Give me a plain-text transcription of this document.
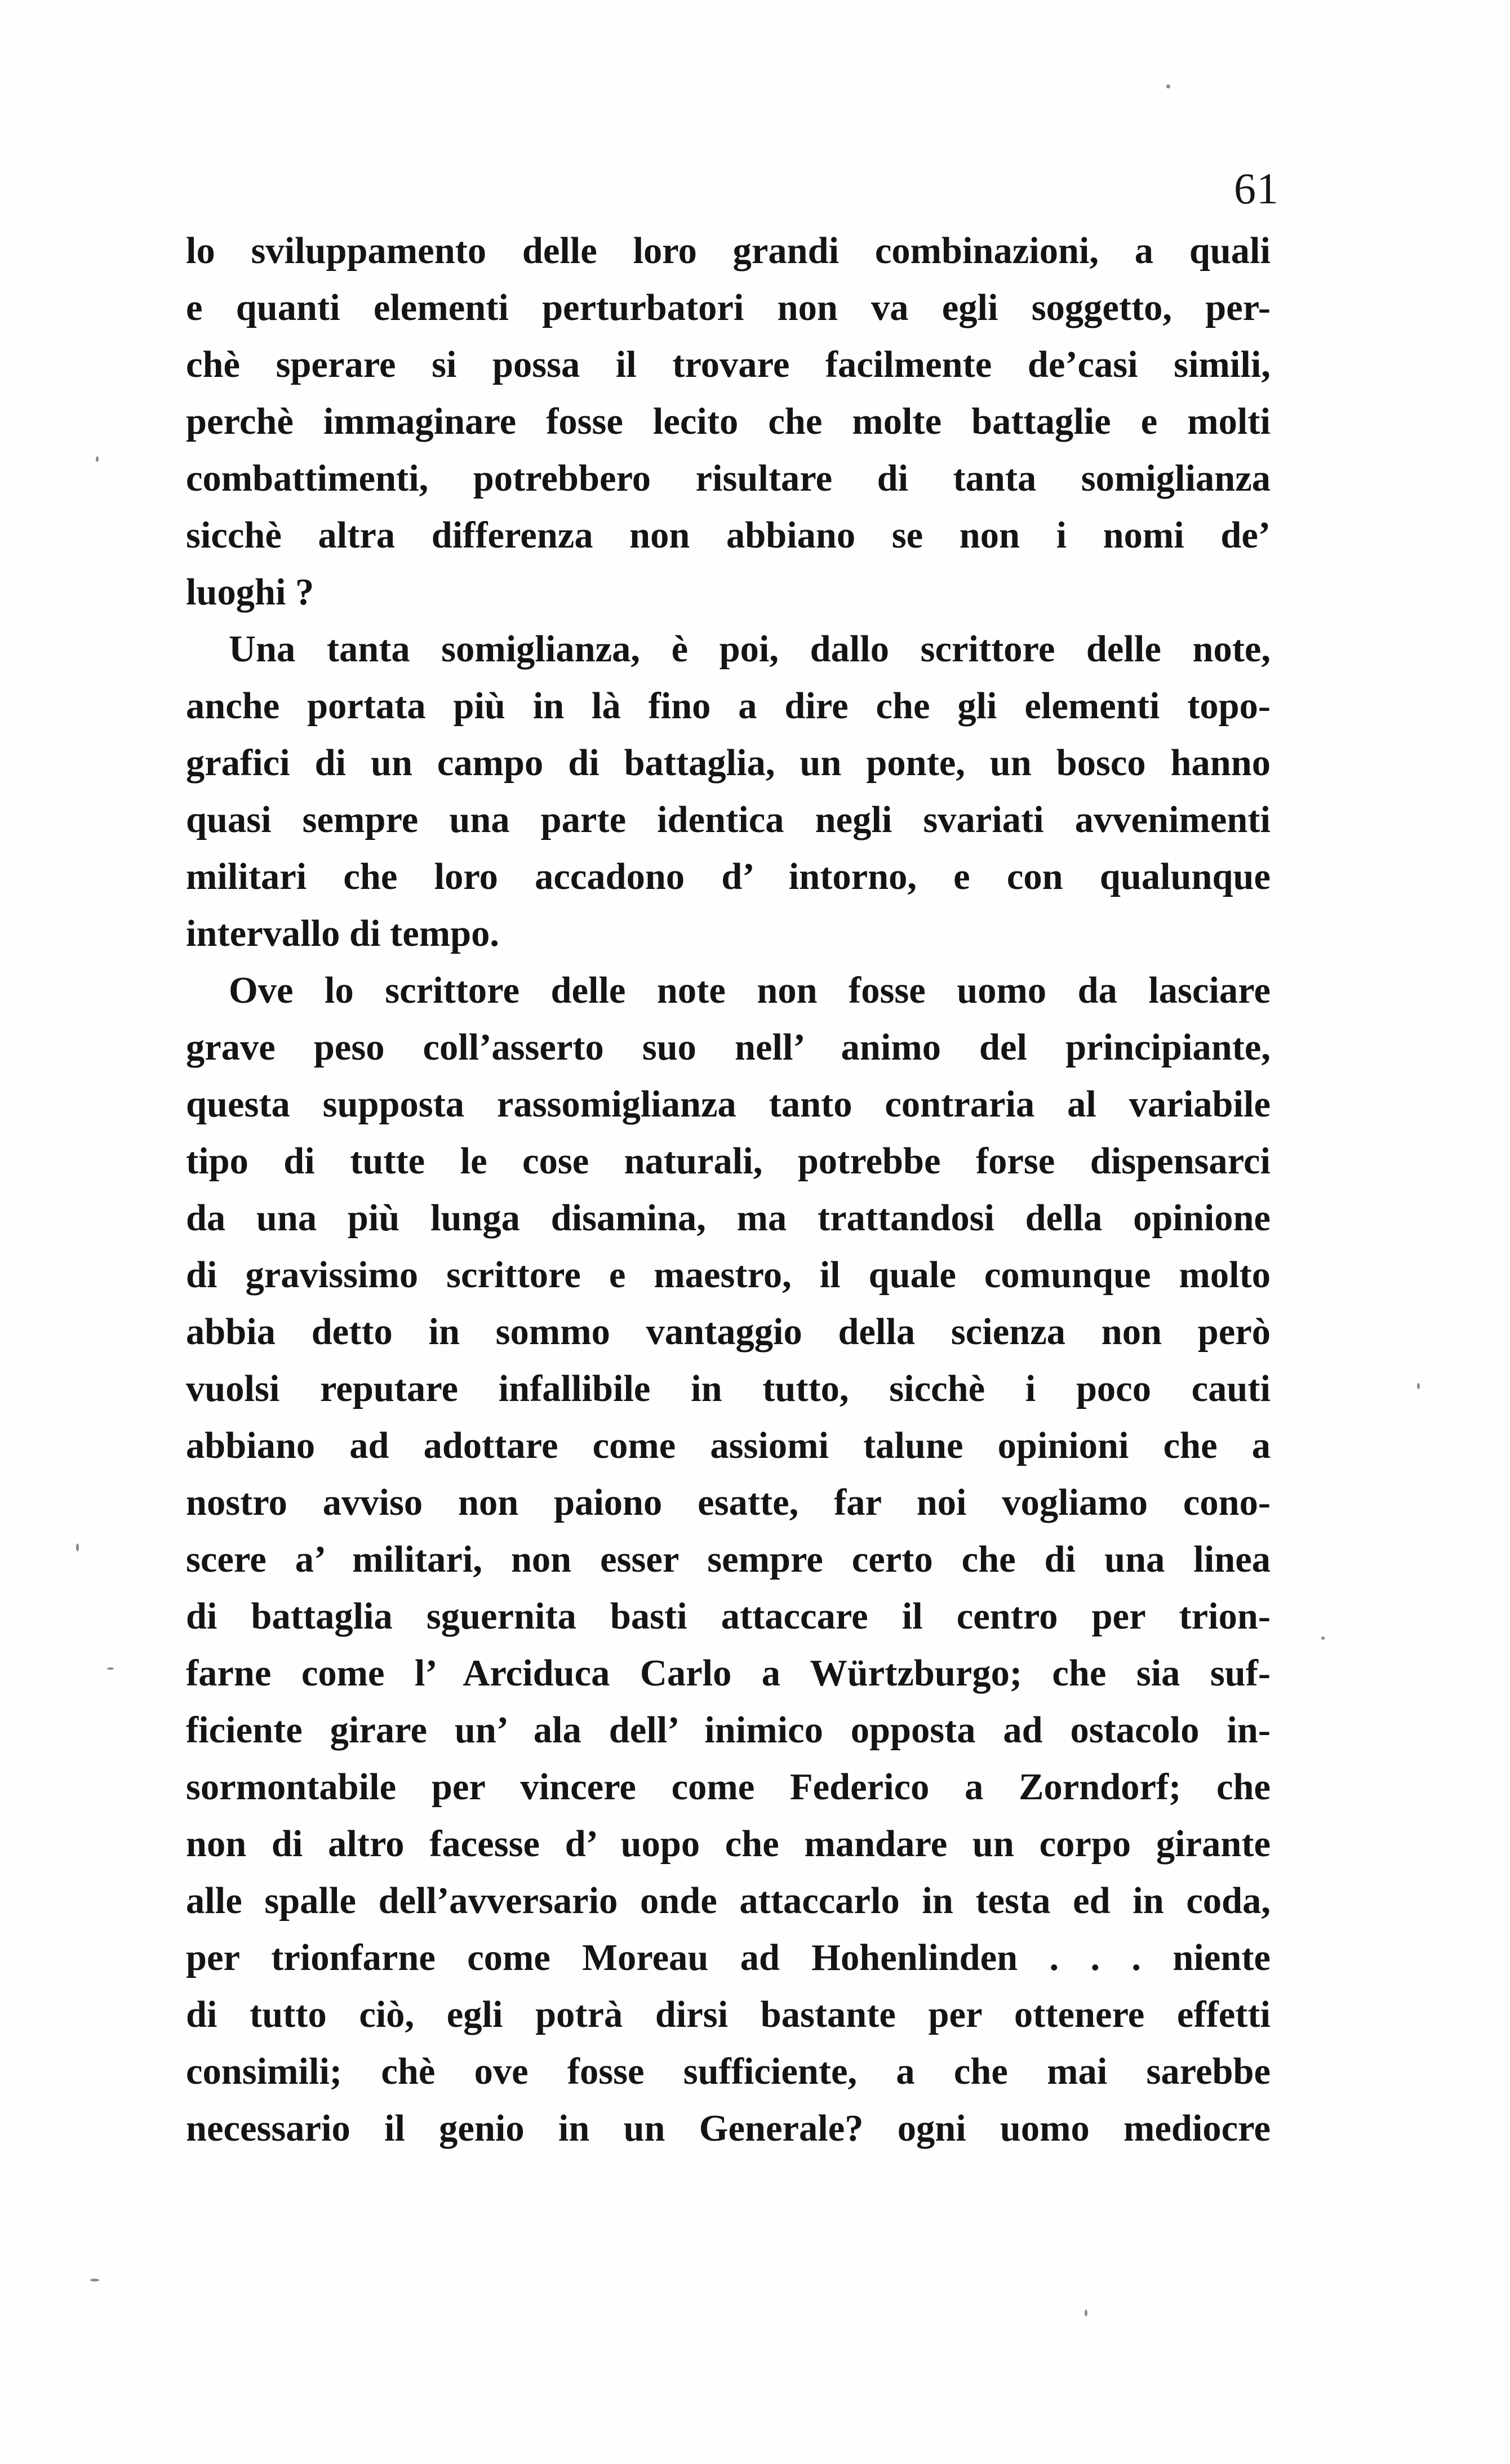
61
lo sviluppamento delle loro grandi combinazioni, a quali
e quanti elementi perturbatori non va egli soggetto, per-
chè sperare si possa il trovare facilmente de’casi simili,
perchè immaginare fosse lecito che molte battaglie e molti
combattimenti, potrebbero risultare di tanta somiglianza
sicchè altra differenza non abbiano se non i nomi de’
luoghi ?
Una tanta somiglianza, è poi, dallo scrittore delle note,
anche portata più in là fino a dire che gli elementi topo-
grafici di un campo di battaglia, un ponte, un bosco hanno
quasi sempre una parte identica negli svariati avvenimenti
militari che loro accadono d’ intorno, e con qualunque
intervallo di tempo.
Ove lo scrittore delle note non fosse uomo da lasciare
grave peso coll’asserto suo nell’ animo del principiante,
questa supposta rassomiglianza tanto contraria al variabile
tipo di tutte le cose naturali, potrebbe forse dispensarci
da una più lunga disamina, ma trattandosi della opinione
di gravissimo scrittore e maestro, il quale comunque molto
abbia detto in sommo vantaggio della scienza non però
vuolsi reputare infallibile in tutto, sicchè i poco cauti
abbiano ad adottare come assiomi talune opinioni che a
nostro avviso non paiono esatte, far noi vogliamo cono-
scere a’ militari, non esser sempre certo che di una linea
di battaglia sguernita basti attaccare il centro per trion-
farne come l’ Arciduca Carlo a Würtzburgo; che sia suf-
ficiente girare un’ ala dell’ inimico opposta ad ostacolo in-
sormontabile per vincere come Federico a Zorndorf; che
non di altro facesse d’ uopo che mandare un corpo girante
alle spalle dell’avversario onde attaccarlo in testa ed in coda,
per trionfarne come Moreau ad Hohenlinden . . . niente
di tutto ciò, egli potrà dirsi bastante per ottenere effetti
consimili; chè ove fosse sufficiente, a che mai sarebbe
necessario il genio in un Generale? ogni uomo mediocre
